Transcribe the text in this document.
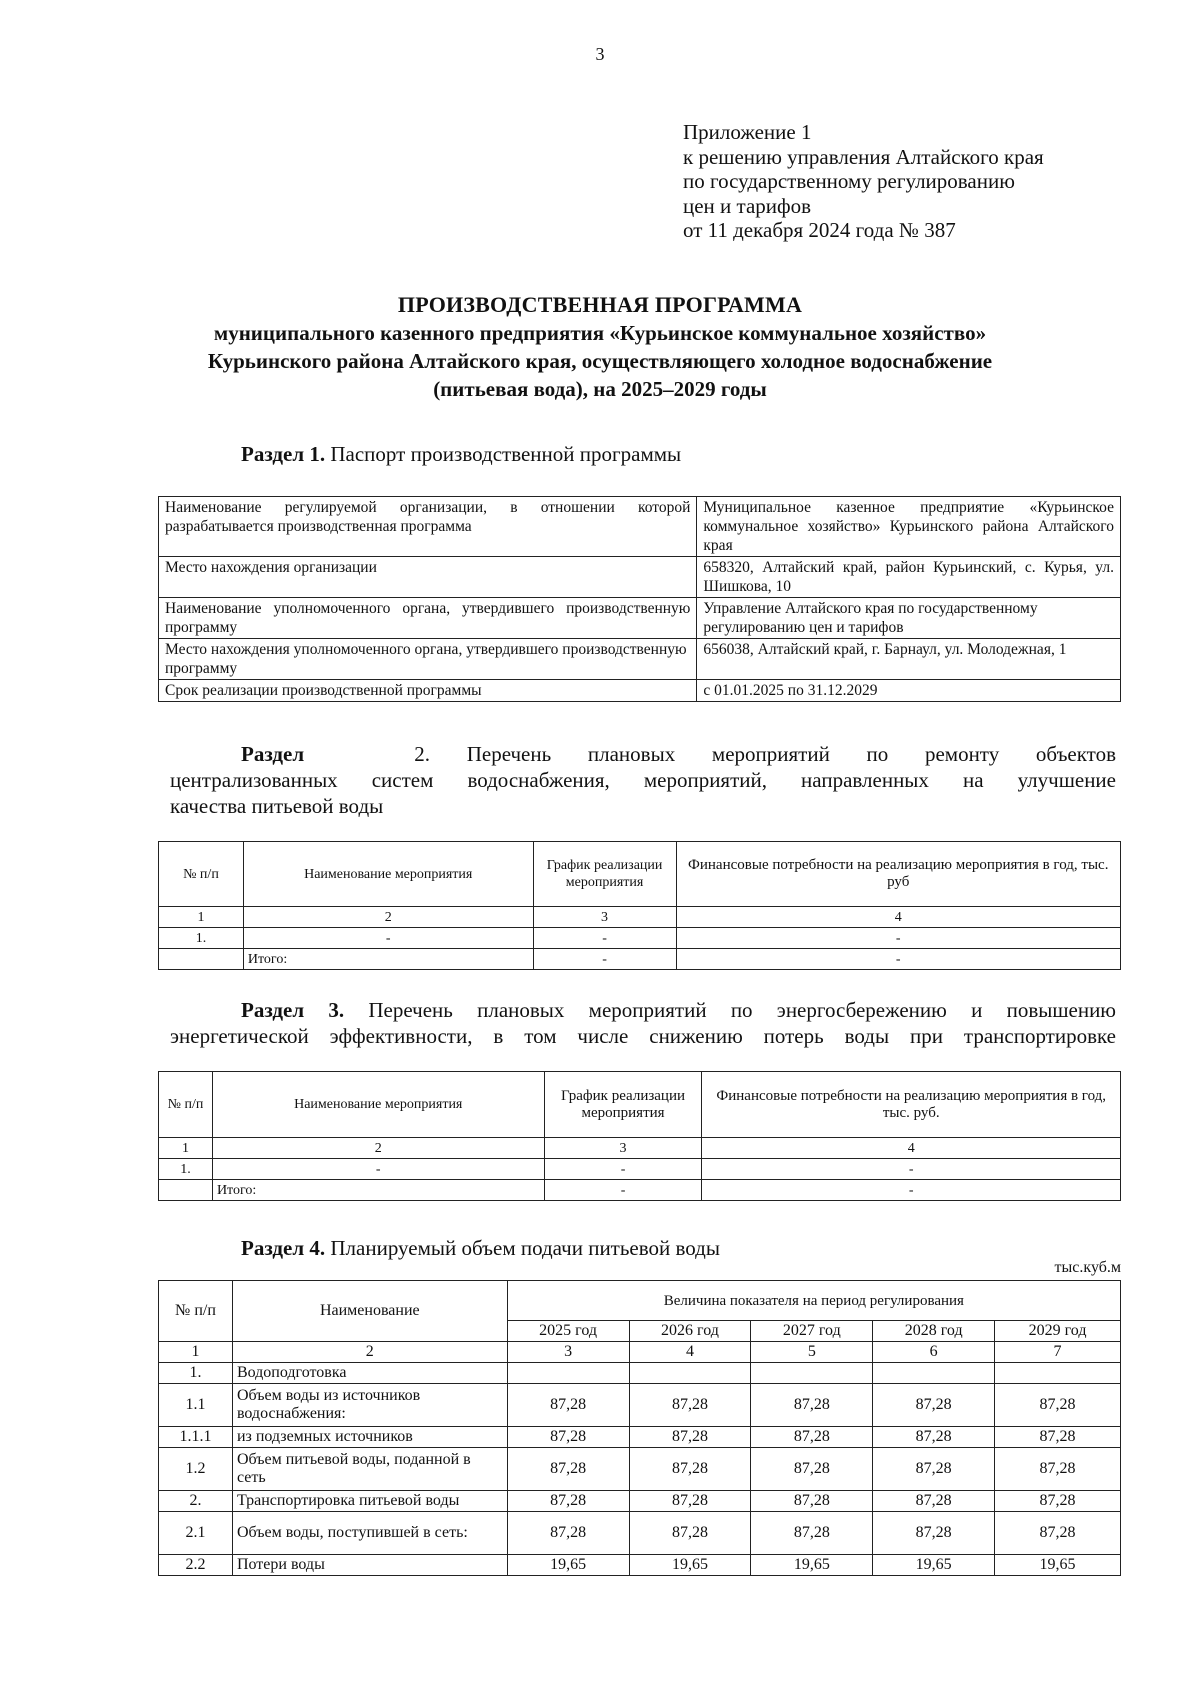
3
Приложение 1
к решению управления Алтайского края
по государственному регулированию
цен и тарифов
от 11 декабря 2024 года № 387
ПРОИЗВОДСТВЕННАЯ ПРОГРАММА
муниципального казенного предприятия «Курьинское коммунальное хозяйство»
Курьинского района Алтайского края, осуществляющего холодное водоснабжение
(питьевая вода), на 2025–2029 годы
Раздел 1. Паспорт производственной программы
Наименование регулируемой организации, в отношении которой разрабатывается производственная программа	Муниципальное казенное предприятие «Курьинское коммунальное хозяйство» Курьинского района Алтайского края
Место нахождения организации	658320, Алтайский край, район Курьинский, с. Курья, ул. Шишкова, 10
Наименование уполномоченного органа, утвердившего производственную программу	Управление Алтайского края по государственному регулированию цен и тарифов
Место нахождения уполномоченного органа, утвердившего производственную программу	656038, Алтайский край, г. Барнаул, ул. Молодежная, 1
Срок реализации производственной программы	с 01.01.2025 по 31.12.2029
Раздел	2. Перечень плановых мероприятий по ремонту объектов
централизованных систем водоснабжения, мероприятий, направленных на улучшение
качества питьевой воды
№ п/п	Наименование мероприятия	График реализации мероприятия	Финансовые потребности на реализацию мероприятия в год, тыс. руб
1	2	3	4
1.	-	-	-
	Итого:	-	-
Раздел 3. Перечень плановых мероприятий по энергосбережению и повышению
энергетической эффективности, в том числе снижению потерь воды при транспортировке
№ п/п	Наименование мероприятия	График реализации мероприятия	Финансовые потребности на реализацию мероприятия в год, тыс. руб.
1	2	3	4
1.	-	-	-
	Итого:	-	-
Раздел 4. Планируемый объем подачи питьевой воды
тыс.куб.м
№ п/п	Наименование	Величина показателя на период регулирования				
		2025 год	2026 год	2027 год	2028 год	2029 год
1	2	3	4	5	6	7
1.	Водоподготовка					
1.1	Объем воды из источников водоснабжения:	87,28	87,28	87,28	87,28	87,28
1.1.1	из подземных источников	87,28	87,28	87,28	87,28	87,28
1.2	Объем питьевой воды, поданной в сеть	87,28	87,28	87,28	87,28	87,28
2.	Транспортировка питьевой воды	87,28	87,28	87,28	87,28	87,28
2.1	Объем воды, поступившей в сеть:	87,28	87,28	87,28	87,28	87,28
2.2	Потери воды	19,65	19,65	19,65	19,65	19,65
